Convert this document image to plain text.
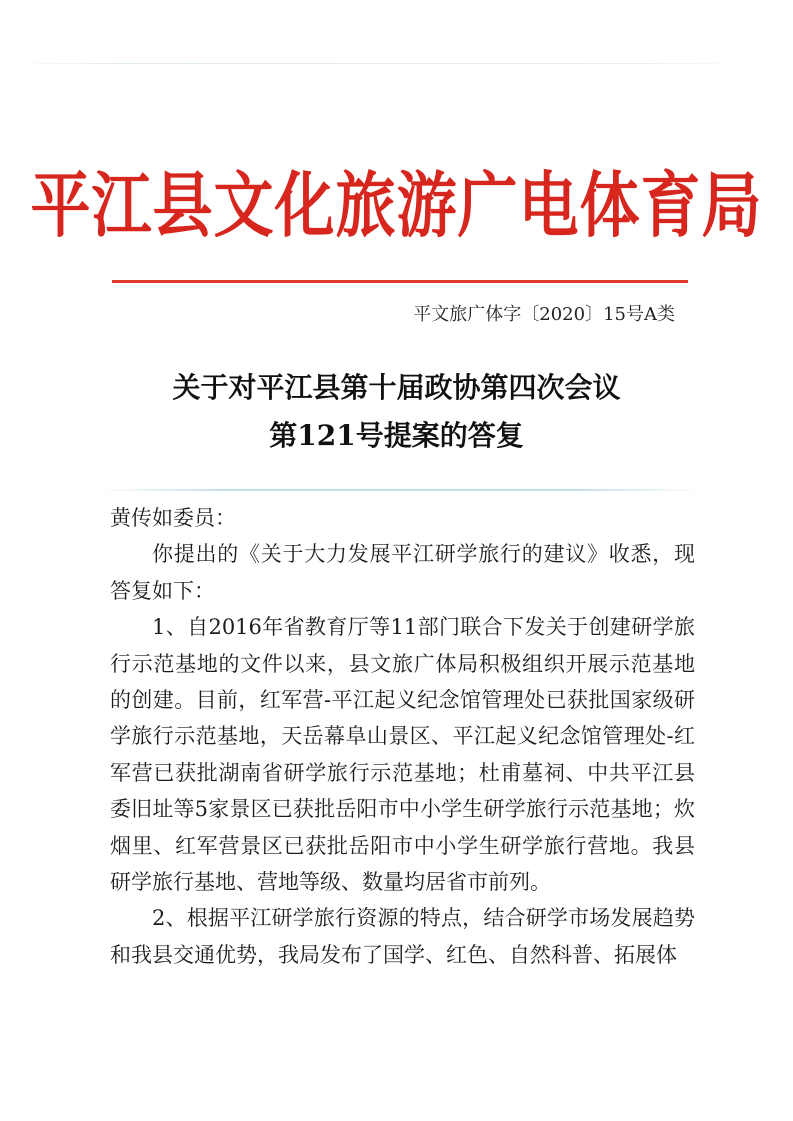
平江县文化旅游广电体育局
平文旅广体字〔2020〕15号A类
关于对平江县第十届政协第四次会议
第121号提案的答复

黄传如委员：

你提出的《关于大力发展平江研学旅行的建议》收悉，现答复如下：

1、自2016年省教育厅等11部门联合下发关于创建研学旅行示范基地的文件以来，县文旅广体局积极组织开展示范基地的创建。目前，红军营-平江起义纪念馆管理处已获批国家级研学旅行示范基地，天岳幕阜山景区、平江起义纪念馆管理处-红军营已获批湖南省研学旅行示范基地；杜甫墓祠、中共平江县委旧址等5家景区已获批岳阳市中小学生研学旅行示范基地；炊烟里、红军营景区已获批岳阳市中小学生研学旅行营地。我县研学旅行基地、营地等级、数量均居省市前列。

2、根据平江研学旅行资源的特点，结合研学市场发展趋势和我县交通优势，我局发布了国学、红色、自然科普、拓展体
